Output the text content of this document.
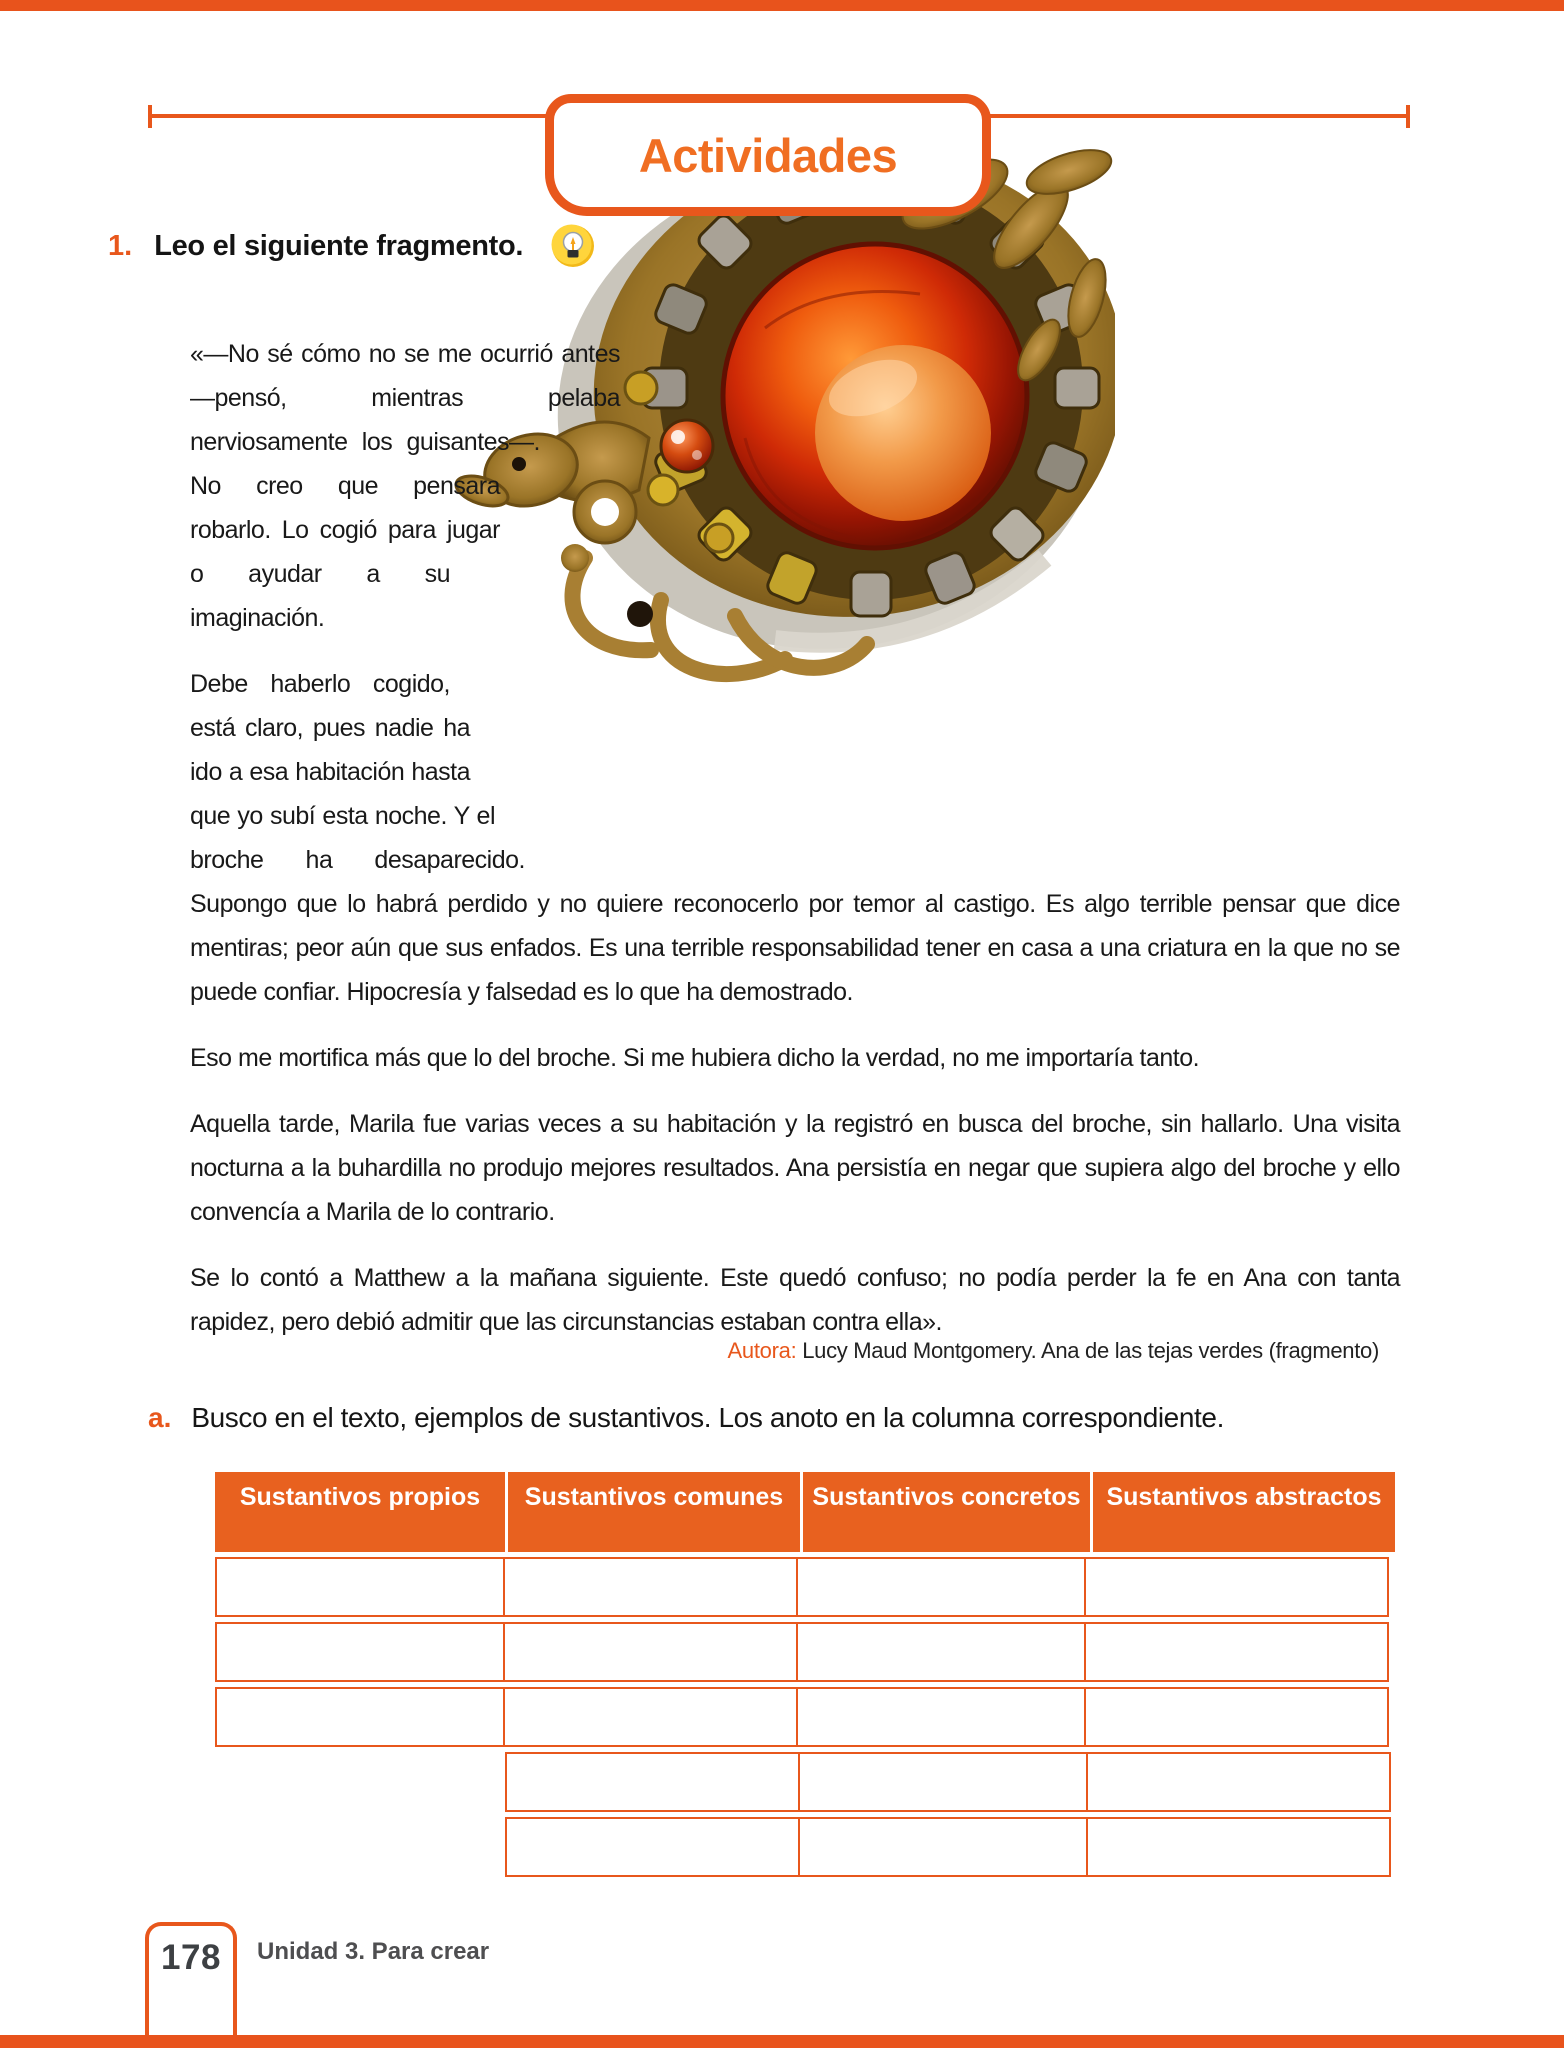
Actividades
1. Leo el siguiente fragmento.

«—No sé cómo no se me ocurrió antes —pensó, mientras pelaba nerviosamente los guisantes—. No creo que pensara robarlo. Lo cogió para jugar o ayudar a su imaginación.

Debe haberlo cogido, está claro, pues nadie ha ido a esa habitación hasta que yo subí esta noche. Y el broche ha desaparecido. Supongo que lo habrá perdido y no quiere reconocerlo por temor al castigo. Es algo terrible pensar que dice mentiras; peor aún que sus enfados. Es una terrible responsabilidad tener en casa a una criatura en la que no se puede confiar. Hipocresía y falsedad es lo que ha demostrado.

Eso me mortifica más que lo del broche. Si me hubiera dicho la verdad, no me importaría tanto.

Aquella tarde, Marila fue varias veces a su habitación y la registró en busca del broche, sin hallarlo. Una visita nocturna a la buhardilla no produjo mejores resultados. Ana persistía en negar que supiera algo del broche y ello convencía a Marila de lo contrario.

Se lo contó a Matthew a la mañana siguiente. Este quedó confuso; no podía perder la fe en Ana con tanta rapidez, pero debió admitir que las circunstancias estaban contra ella».

Autora: Lucy Maud Montgomery. Ana de las tejas verdes (fragmento)
a. Busco en el texto, ejemplos de sustantivos. Los anoto en la columna correspondiente.
Sustantivos propios	Sustantivos comunes	Sustantivos concretos	Sustantivos abstractos
178 Unidad 3. Para crear
